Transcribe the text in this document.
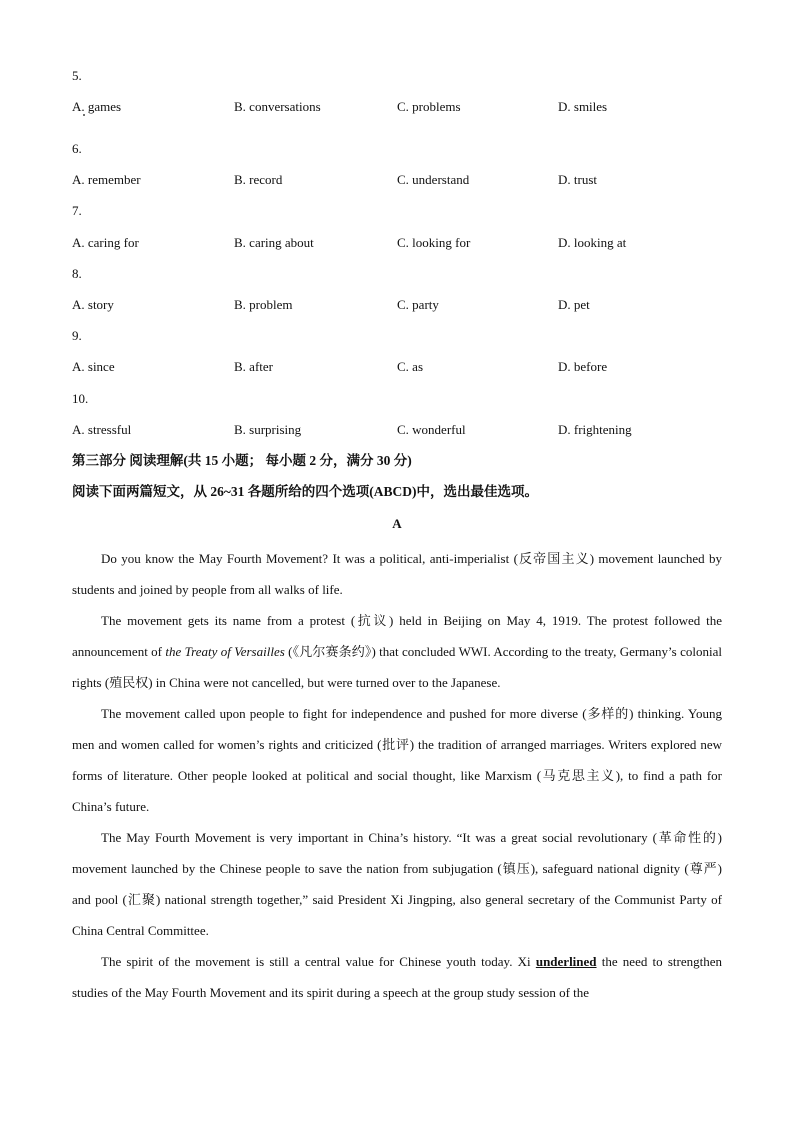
5.
A. games	B. conversations	C. problems	D. smiles
6.
A. remember	B. record	C. understand	D. trust
7.
A. caring for	B. caring about	C. looking for	D. looking at
8.
A. story	B. problem	C. party	D. pet
9.
A. since	B. after	C. as	D. before
10.
A. stressful	B. surprising	C. wonderful	D. frightening
第三部分 阅读理解(共 15 小题； 每小题 2 分，满分 30 分)
阅读下面两篇短文，从 26~31 各题所给的四个选项(ABCD)中，选出最佳选项。
A

Do you know the May Fourth Movement? It was a political, anti-imperialist (反帝国主义) movement launched by students and joined by people from all walks of life.

The movement gets its name from a protest (抗议) held in Beijing on May 4, 1919. The protest followed the announcement of the Treaty of Versailles (《凡尔赛条约》) that concluded WWI. According to the treaty, Germany’s colonial rights (殖民权) in China were not cancelled, but were turned over to the Japanese.

The movement called upon people to fight for independence and pushed for more diverse (多样的) thinking. Young men and women called for women’s rights and criticized (批评) the tradition of arranged marriages. Writers explored new forms of literature. Other people looked at political and social thought, like Marxism (马克思主义), to find a path for China’s future.

The May Fourth Movement is very important in China’s history. “It was a great social revolutionary (革命性的) movement launched by the Chinese people to save the nation from subjugation (镇压), safeguard national dignity (尊严) and pool (汇聚) national strength together,” said President Xi Jingping, also general secretary of the Communist Party of China Central Committee.

The spirit of the movement is still a central value for Chinese youth today. Xi underlined the need to strengthen studies of the May Fourth Movement and its spirit during a speech at the group study session of the
